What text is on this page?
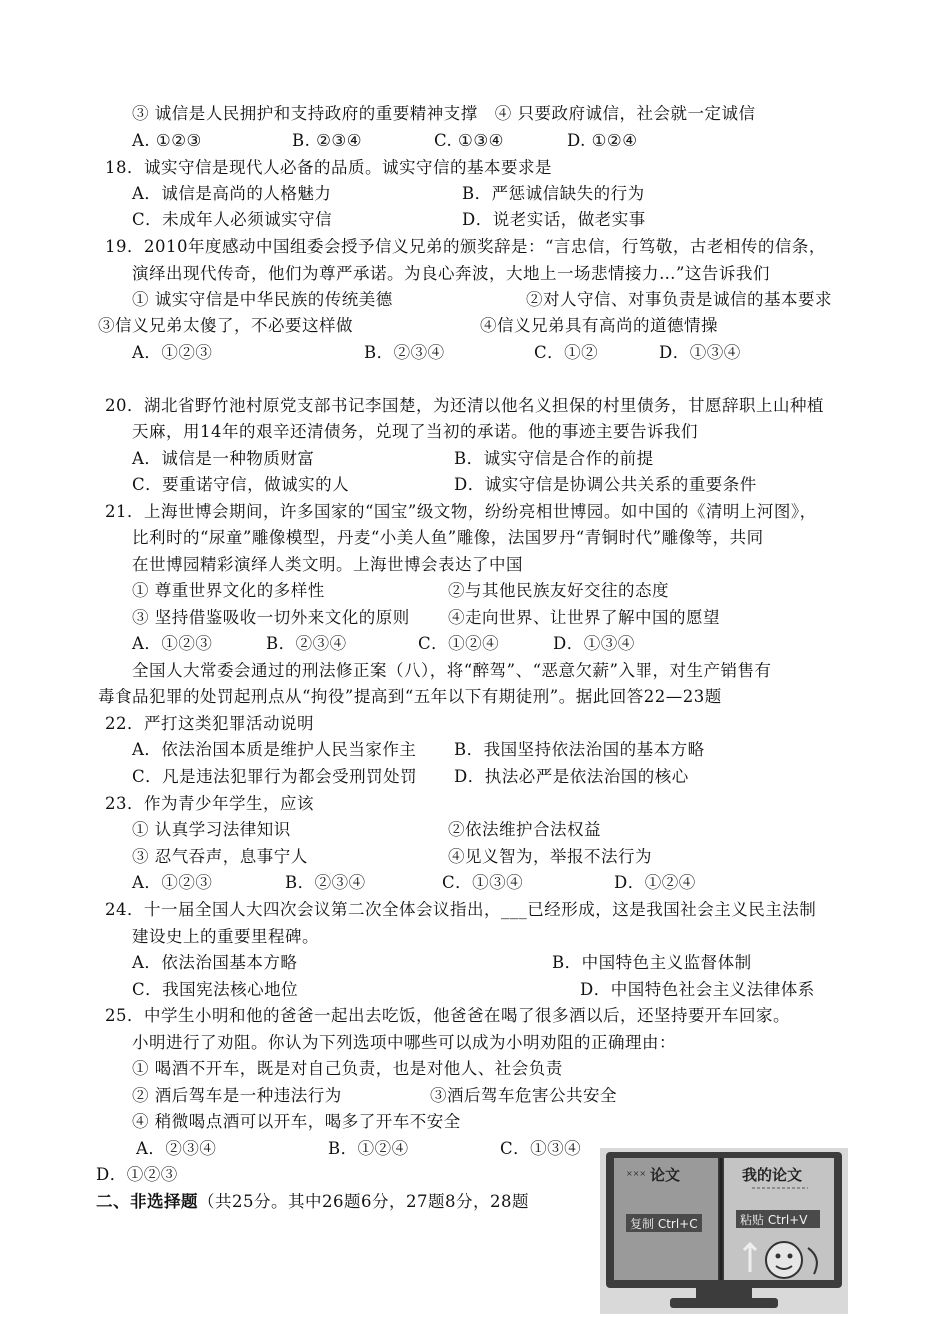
③ 诚信是人民拥护和支持政府的重要精神支撑　④ 只要政府诚信，社会就一定诚信
A. ①②③	B. ②③④	C. ①③④	D. ①②④
18．诚实守信是现代人必备的品质。诚实守信的基本要求是
A．诚信是高尚的人格魅力	B．严惩诚信缺失的行为
C．未成年人必须诚实守信	D．说老实话，做老实事
19．2010年度感动中国组委会授予信义兄弟的颁奖辞是：“言忠信，行笃敬，古老相传的信条，
演绎出现代传奇，他们为尊严承诺。为良心奔波，大地上一场悲情接力…”这告诉我们
① 诚实守信是中华民族的传统美德	②对人守信、对事负责是诚信的基本要求
③信义兄弟太傻了，不必要这样做	④信义兄弟具有高尚的道德情操
A．①②③	B．②③④	C．①②	D．①③④
20．湖北省野竹池村原党支部书记李国楚，为还清以他名义担保的村里债务，甘愿辞职上山种植
天麻，用14年的艰辛还清债务，兑现了当初的承诺。他的事迹主要告诉我们
A．诚信是一种物质财富	B．诚实守信是合作的前提
C．要重诺守信，做诚实的人	D．诚实守信是协调公共关系的重要条件
21．上海世博会期间，许多国家的“国宝”级文物，纷纷亮相世博园。如中国的《清明上河图》，
比利时的“尿童”雕像模型，丹麦“小美人鱼”雕像，法国罗丹“青铜时代”雕像等，共同
在世博园精彩演绎人类文明。上海世博会表达了中国
① 尊重世界文化的多样性	②与其他民族友好交往的态度
③ 坚持借鉴吸收一切外来文化的原则 ④走向世界、让世界了解中国的愿望
A．①②③	B．②③④	C．①②④	D．①③④
全国人大常委会通过的刑法修正案（八），将“醉驾”、“恶意欠薪”入罪，对生产销售有
毒食品犯罪的处罚起刑点从“拘役”提高到“五年以下有期徒刑”。据此回答22—23题
22．严打这类犯罪活动说明
A．依法治国本质是维护人民当家作主 B．我国坚持依法治国的基本方略
C．凡是违法犯罪行为都会受刑罚处罚 D．执法必严是依法治国的核心
23．作为青少年学生，应该
① 认真学习法律知识	②依法维护合法权益
③ 忍气吞声，息事宁人	④见义智为，举报不法行为
A．①②③	B．②③④	C．①③④	D．①②④
24．十一届全国人大四次会议第二次全体会议指出，___已经形成，这是我国社会主义民主法制
建设史上的重要里程碑。
A．依法治国基本方略	B．中国特色主义监督体制
C．我国宪法核心地位	D．中国特色社会主义法律体系
25．中学生小明和他的爸爸一起出去吃饭，他爸爸在喝了很多酒以后，还坚持要开车回家。
小明进行了劝阻。你认为下列选项中哪些可以成为小明劝阻的正确理由：
① 喝酒不开车，既是对自己负责，也是对他人、社会负责
② 酒后驾车是一种违法行为	③酒后驾车危害公共安全
④ 稍微喝点酒可以开车，喝多了开车不安全
A．②③④	B．①②④	C．①③④
D．①②③
二、非选择题（共25分。其中26题6分，27题8分，28题
××× 论文	我的论文
复制 Ctrl+C	粘贴 Ctrl+V
